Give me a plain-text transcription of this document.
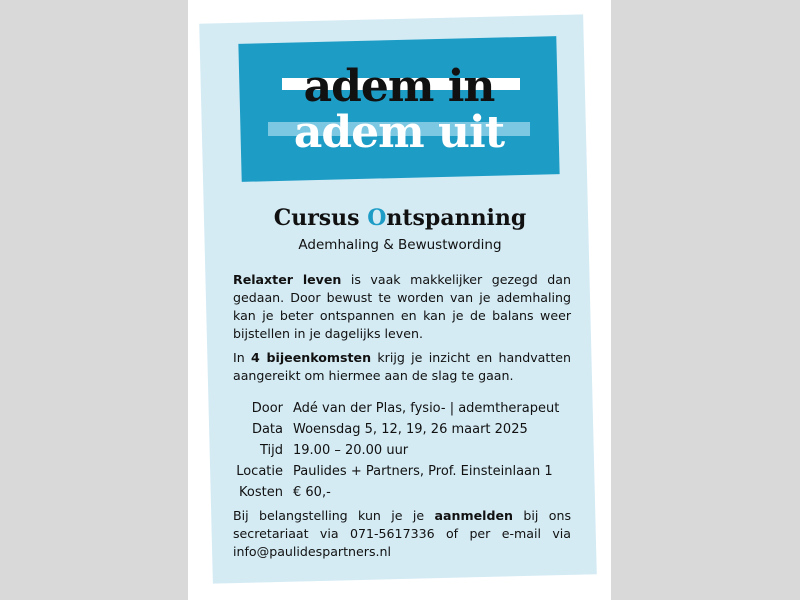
adem in
adem uit
Cursus Ontspanning
Ademhaling & Bewustwording

Relaxter leven is vaak makkelijker gezegd dan gedaan. Door bewust te worden van je ademhaling kan je beter ontspannen en kan je de balans weer bijstellen in je dagelijks leven.

In 4 bijeenkomsten krijg je inzicht en handvatten aangereikt om hiermee aan de slag te gaan.

Door Adé van der Plas, fysio- | ademtherapeut
Data Woensdag 5, 12, 19, 26 maart 2025
Tijd 19.00 – 20.00 uur
Locatie Paulides + Partners, Prof. Einsteinlaan 1
Kosten € 60,-

Bij belangstelling kun je je aanmelden bij ons secretariaat via 071-5617336 of per e-mail via info@paulidespartners.nl
